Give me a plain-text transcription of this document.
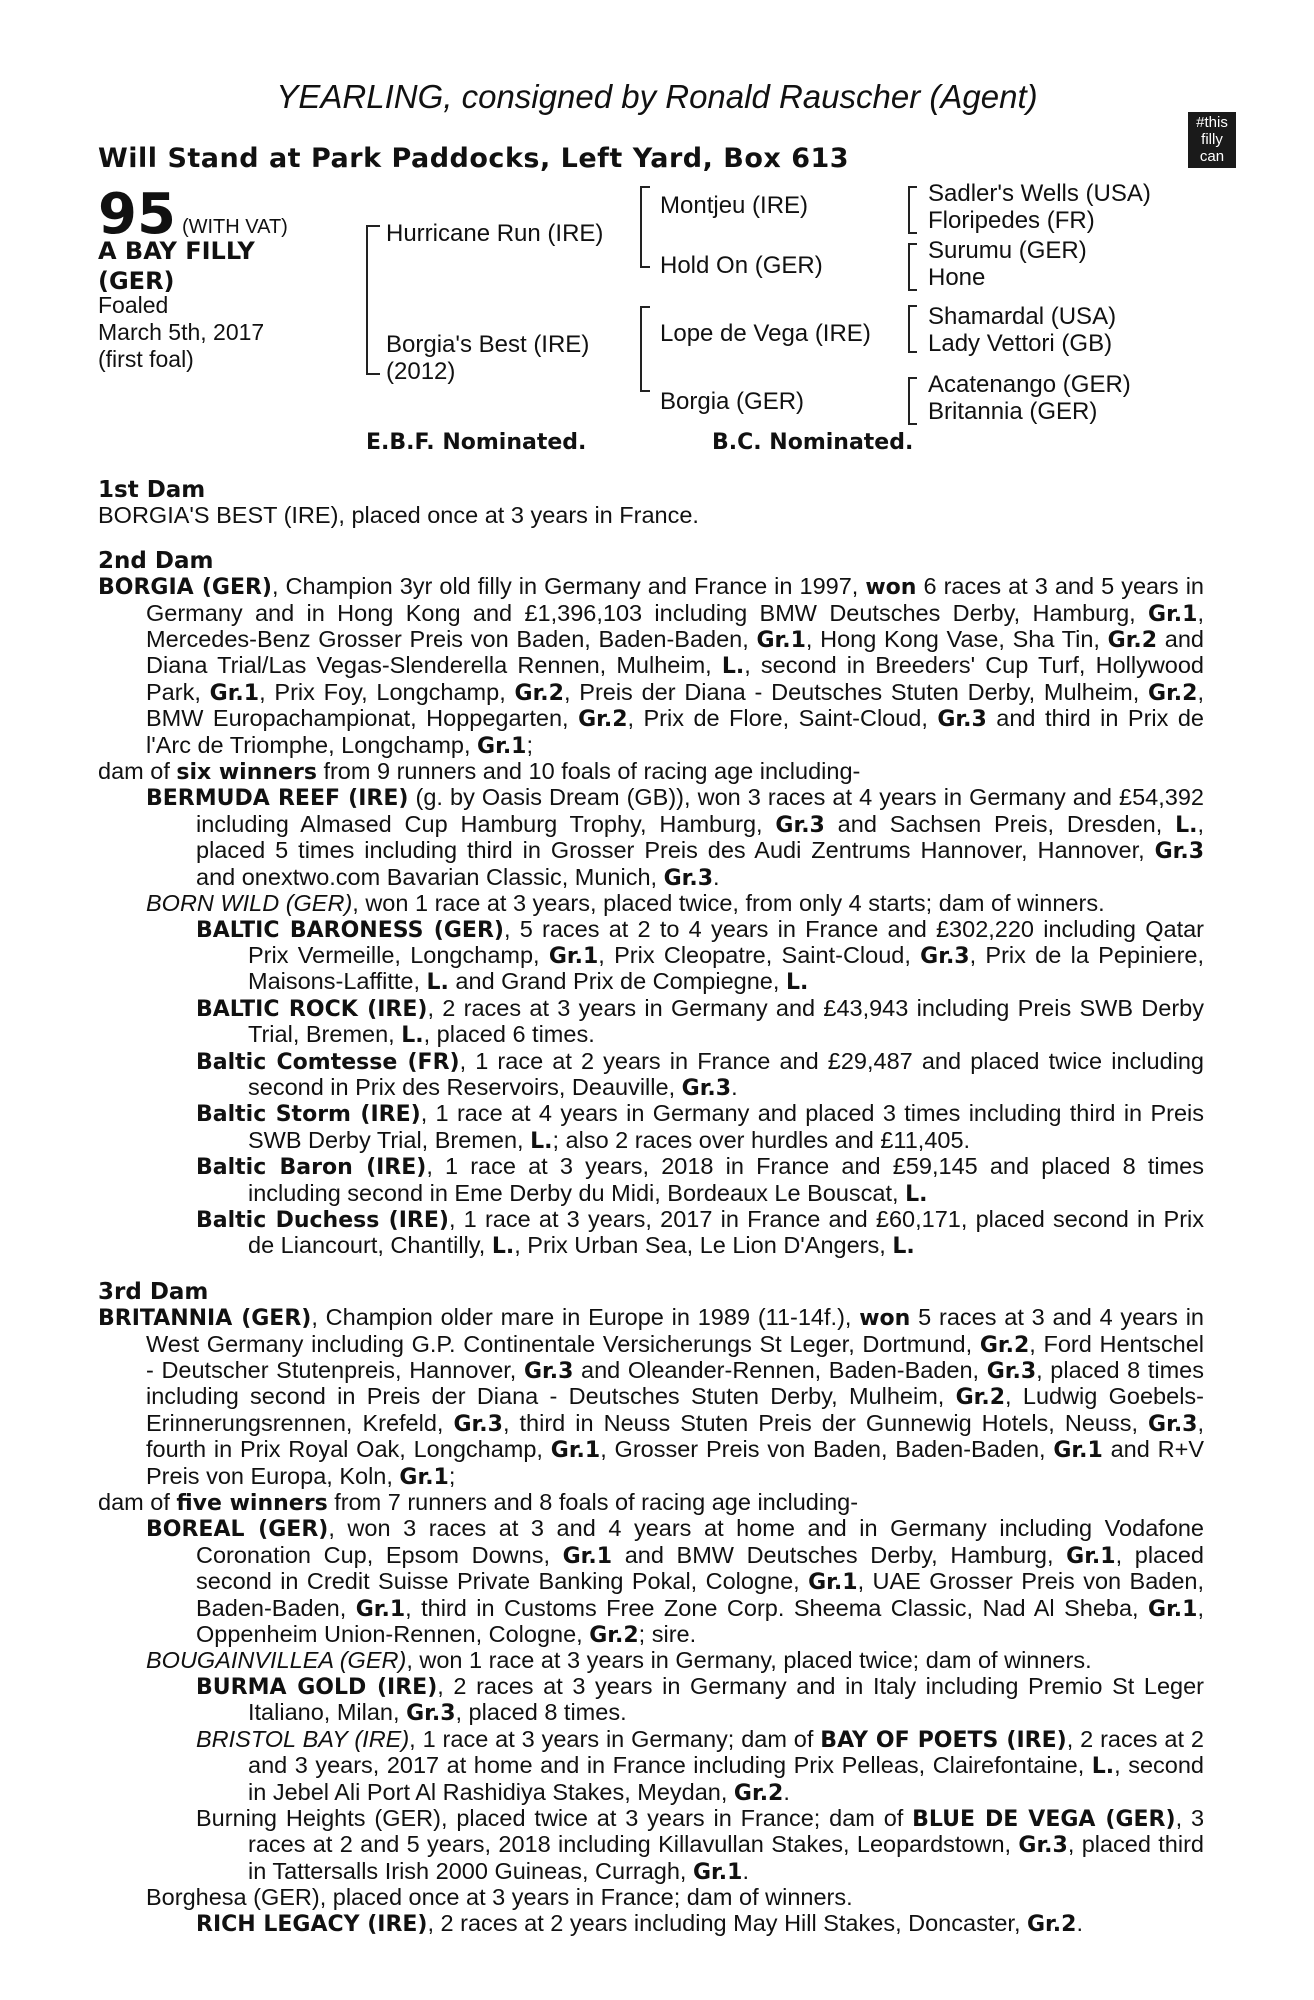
YEARLING, consigned by Ronald Rauscher (Agent)
#this
filly
can
Will Stand at Park Paddocks, Left Yard, Box 613
95 (WITH VAT)
A BAY FILLY
(GER)
Foaled
March 5th, 2017
(first foal)
Hurricane Run (IRE)
Borgia's Best (IRE)
(2012)
Montjeu (IRE)
Hold On (GER)
Lope de Vega (IRE)
Borgia (GER)
Sadler's Wells (USA)
Floripedes (FR)
Surumu (GER)
Hone
Shamardal (USA)
Lady Vettori (GB)
Acatenango (GER)
Britannia (GER)
E.B.F. Nominated.	B.C. Nominated.
1st Dam

BORGIA'S BEST (IRE), placed once at 3 years in France.

2nd Dam

BORGIA (GER), Champion 3yr old filly in Germany and France in 1997, won 6 races at 3 and 5 years in Germany and in Hong Kong and £1,396,103 including BMW Deutsches Derby, Hamburg, Gr.1, Mercedes-Benz Grosser Preis von Baden, Baden-Baden, Gr.1, Hong Kong Vase, Sha Tin, Gr.2 and Diana Trial/Las Vegas-Slenderella Rennen, Mulheim, L., second in Breeders' Cup Turf, Hollywood Park, Gr.1, Prix Foy, Longchamp, Gr.2, Preis der Diana - Deutsches Stuten Derby, Mulheim, Gr.2, BMW Europachampionat, Hoppegarten, Gr.2, Prix de Flore, Saint-Cloud, Gr.3 and third in Prix de l'Arc de Triomphe, Longchamp, Gr.1;

dam of six winners from 9 runners and 10 foals of racing age including-

BERMUDA REEF (IRE) (g. by Oasis Dream (GB)), won 3 races at 4 years in Germany and £54,392 including Almased Cup Hamburg Trophy, Hamburg, Gr.3 and Sachsen Preis, Dresden, L., placed 5 times including third in Grosser Preis des Audi Zentrums Hannover, Hannover, Gr.3 and onextwo.com Bavarian Classic, Munich, Gr.3.

BORN WILD (GER), won 1 race at 3 years, placed twice, from only 4 starts; dam of winners.

BALTIC BARONESS (GER), 5 races at 2 to 4 years in France and £302,220 including Qatar Prix Vermeille, Longchamp, Gr.1, Prix Cleopatre, Saint-Cloud, Gr.3, Prix de la Pepiniere, Maisons-Laffitte, L. and Grand Prix de Compiegne, L.

BALTIC ROCK (IRE), 2 races at 3 years in Germany and £43,943 including Preis SWB Derby Trial, Bremen, L., placed 6 times.

Baltic Comtesse (FR), 1 race at 2 years in France and £29,487 and placed twice including second in Prix des Reservoirs, Deauville, Gr.3.

Baltic Storm (IRE), 1 race at 4 years in Germany and placed 3 times including third in Preis SWB Derby Trial, Bremen, L.; also 2 races over hurdles and £11,405.

Baltic Baron (IRE), 1 race at 3 years, 2018 in France and £59,145 and placed 8 times including second in Eme Derby du Midi, Bordeaux Le Bouscat, L.

Baltic Duchess (IRE), 1 race at 3 years, 2017 in France and £60,171, placed second in Prix de Liancourt, Chantilly, L., Prix Urban Sea, Le Lion D'Angers, L.

3rd Dam

BRITANNIA (GER), Champion older mare in Europe in 1989 (11-14f.), won 5 races at 3 and 4 years in West Germany including G.P. Continentale Versicherungs St Leger, Dortmund, Gr.2, Ford Hentschel - Deutscher Stutenpreis, Hannover, Gr.3 and Oleander-Rennen, Baden-Baden, Gr.3, placed 8 times including second in Preis der Diana - Deutsches Stuten Derby, Mulheim, Gr.2, Ludwig Goebels-Erinnerungsrennen, Krefeld, Gr.3, third in Neuss Stuten Preis der Gunnewig Hotels, Neuss, Gr.3, fourth in Prix Royal Oak, Longchamp, Gr.1, Grosser Preis von Baden, Baden-Baden, Gr.1 and R+V Preis von Europa, Koln, Gr.1;

dam of five winners from 7 runners and 8 foals of racing age including-

BOREAL (GER), won 3 races at 3 and 4 years at home and in Germany including Vodafone Coronation Cup, Epsom Downs, Gr.1 and BMW Deutsches Derby, Hamburg, Gr.1, placed second in Credit Suisse Private Banking Pokal, Cologne, Gr.1, UAE Grosser Preis von Baden, Baden-Baden, Gr.1, third in Customs Free Zone Corp. Sheema Classic, Nad Al Sheba, Gr.1, Oppenheim Union-Rennen, Cologne, Gr.2; sire.

BOUGAINVILLEA (GER), won 1 race at 3 years in Germany, placed twice; dam of winners.

BURMA GOLD (IRE), 2 races at 3 years in Germany and in Italy including Premio St Leger Italiano, Milan, Gr.3, placed 8 times.

BRISTOL BAY (IRE), 1 race at 3 years in Germany; dam of BAY OF POETS (IRE), 2 races at 2 and 3 years, 2017 at home and in France including Prix Pelleas, Clairefontaine, L., second in Jebel Ali Port Al Rashidiya Stakes, Meydan, Gr.2.

Burning Heights (GER), placed twice at 3 years in France; dam of BLUE DE VEGA (GER), 3 races at 2 and 5 years, 2018 including Killavullan Stakes, Leopardstown, Gr.3, placed third in Tattersalls Irish 2000 Guineas, Curragh, Gr.1.

Borghesa (GER), placed once at 3 years in France; dam of winners.

RICH LEGACY (IRE), 2 races at 2 years including May Hill Stakes, Doncaster, Gr.2.
